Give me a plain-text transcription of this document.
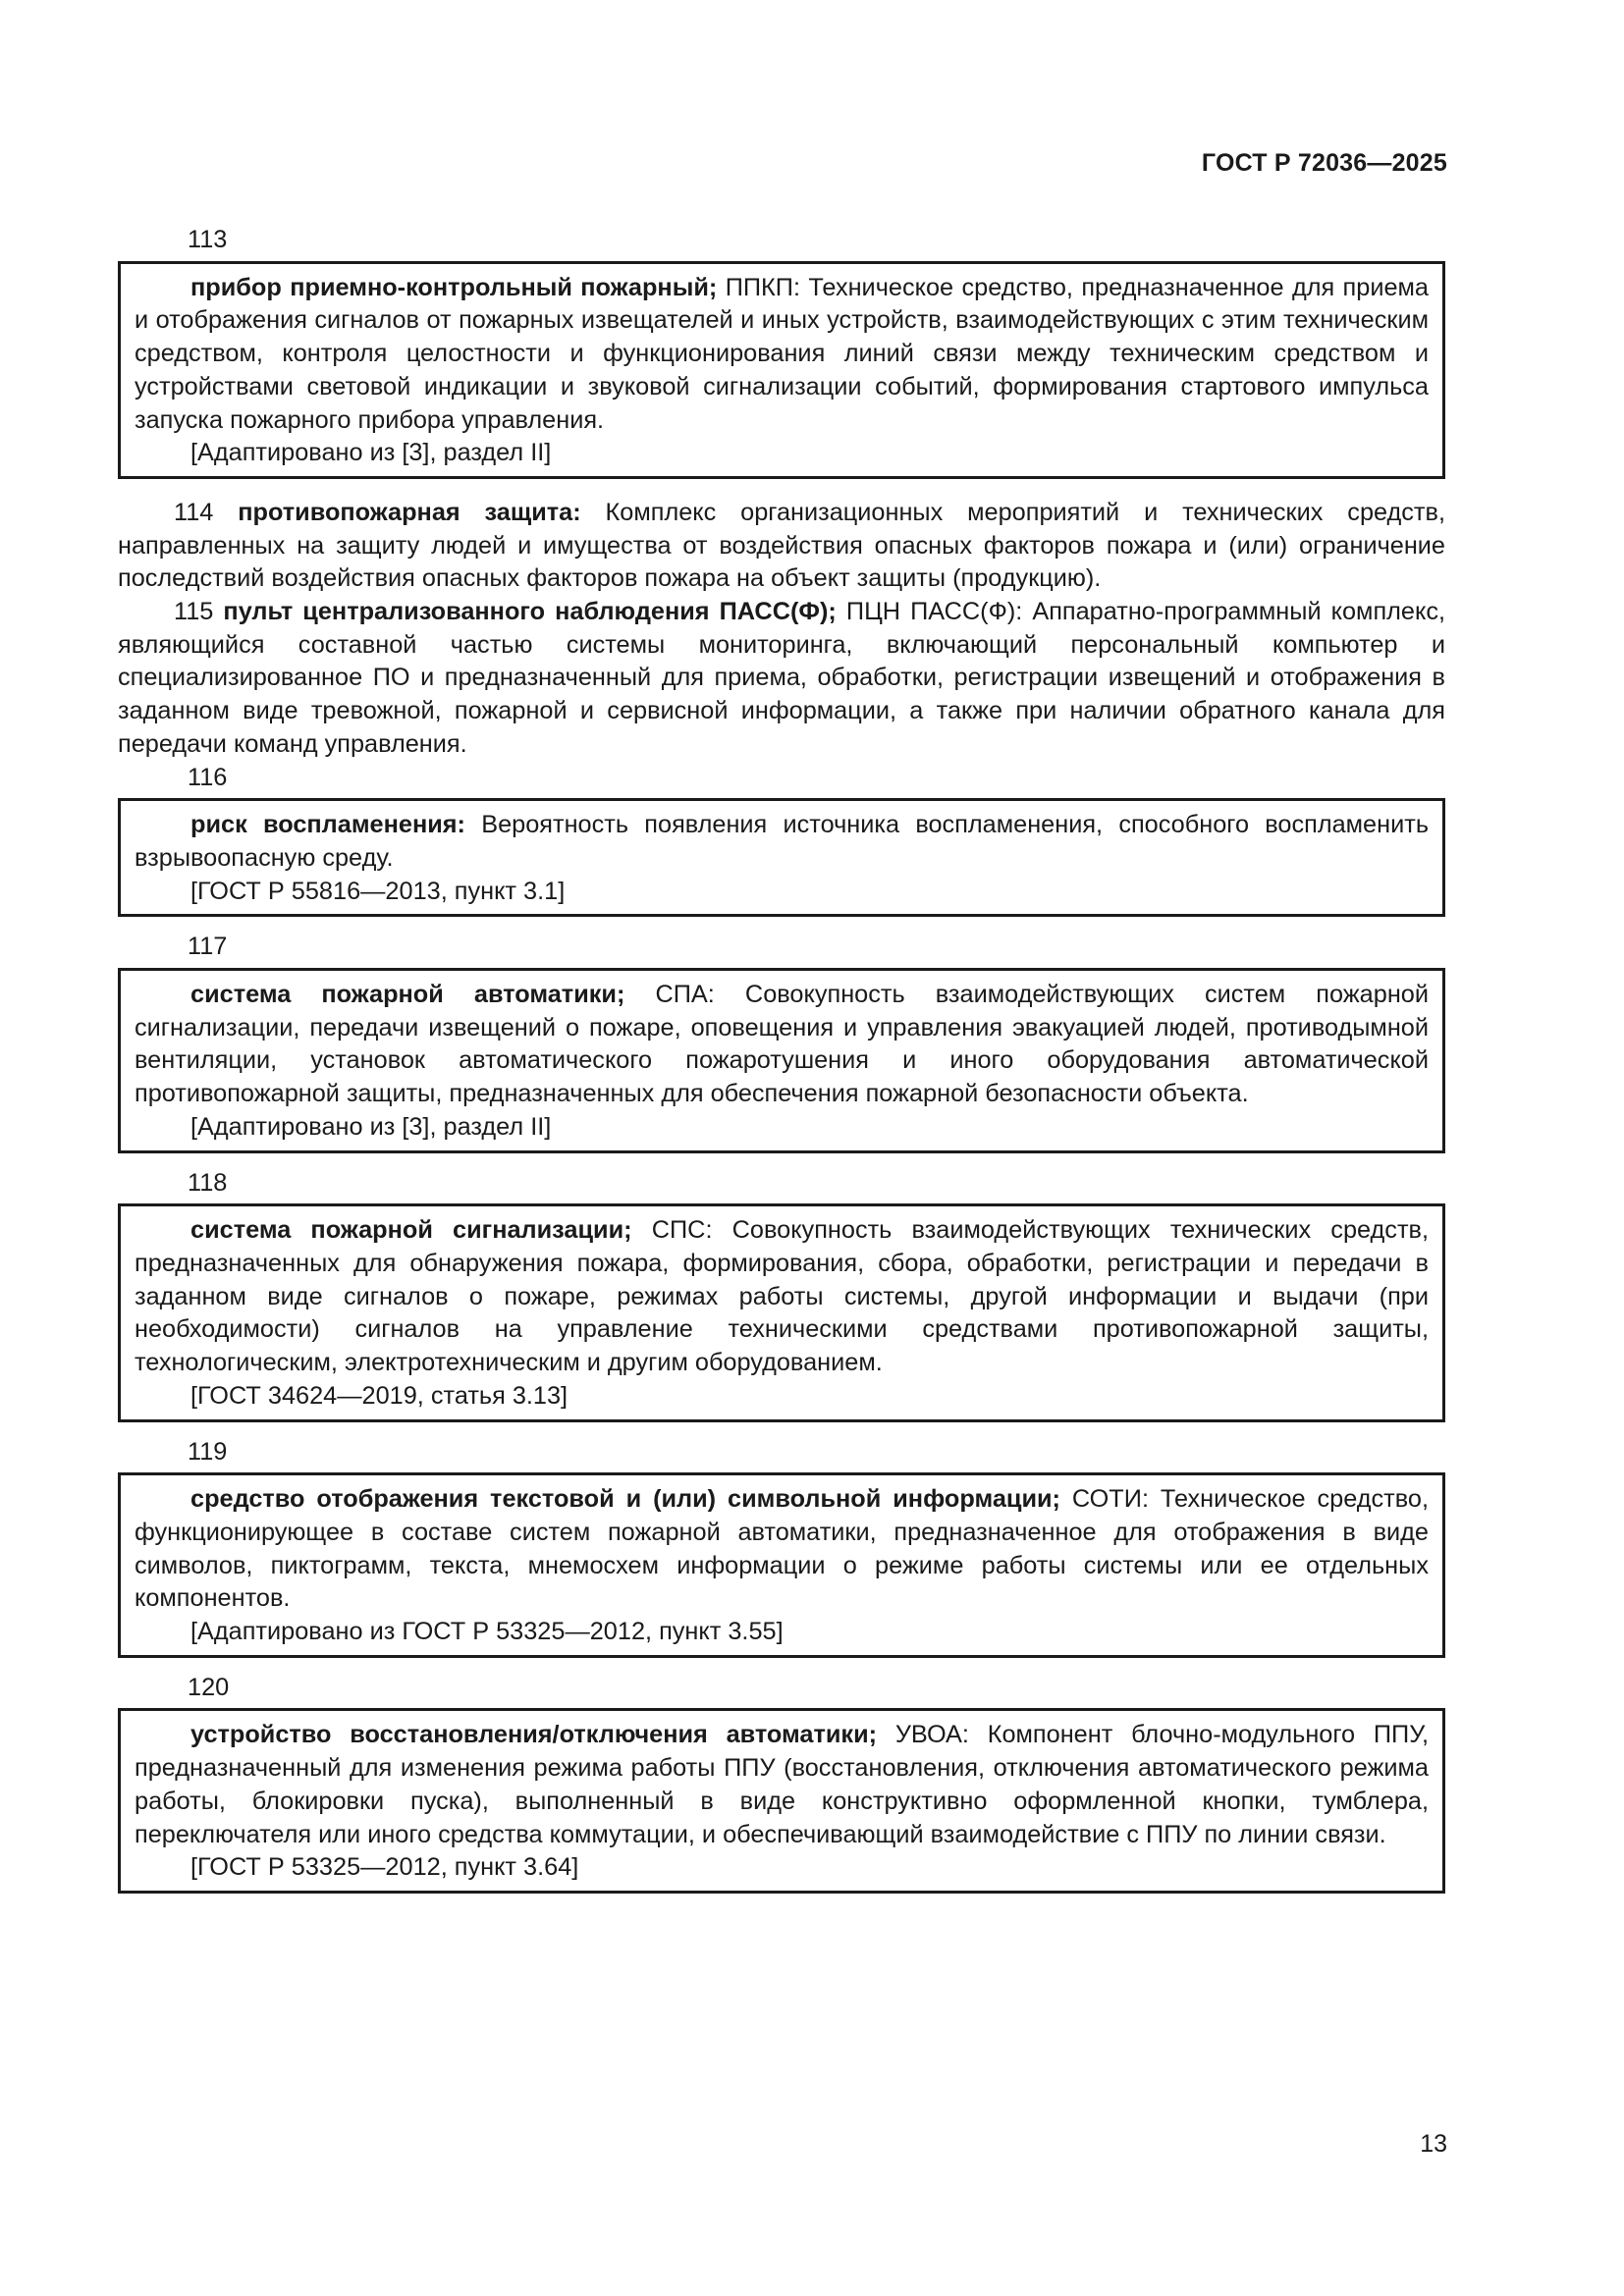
ГОСТ Р 72036—2025

113

прибор приемно-контрольный пожарный; ППКП: Техническое средство, предназначенное для приема и отображения сигналов от пожарных извещателей и иных устройств, взаимодействующих с этим техническим средством, контроля целостности и функционирования линий связи между техническим средством и устройствами световой индикации и звуковой сигнализации событий, формирования стартового импульса запуска пожарного прибора управления.

[Адаптировано из [3], раздел II]

114 противопожарная защита: Комплекс организационных мероприятий и технических средств, направленных на защиту людей и имущества от воздействия опасных факторов пожара и (или) ограничение последствий воздействия опасных факторов пожара на объект защиты (продукцию).

115 пульт централизованного наблюдения ПАСС(Ф); ПЦН ПАСС(Ф): Аппаратно-программный комплекс, являющийся составной частью системы мониторинга, включающий персональный компьютер и специализированное ПО и предназначенный для приема, обработки, регистрации извещений и отображения в заданном виде тревожной, пожарной и сервисной информации, а также при наличии обратного канала для передачи команд управления.

116

риск воспламенения: Вероятность появления источника воспламенения, способного воспламенить взрывоопасную среду.

[ГОСТ Р 55816—2013, пункт 3.1]

117

система пожарной автоматики; СПА: Совокупность взаимодействующих систем пожарной сигнализации, передачи извещений о пожаре, оповещения и управления эвакуацией людей, противодымной вентиляции, установок автоматического пожаротушения и иного оборудования автоматической противопожарной защиты, предназначенных для обеспечения пожарной безопасности объекта.

[Адаптировано из [3], раздел II]

118

система пожарной сигнализации; СПС: Совокупность взаимодействующих технических средств, предназначенных для обнаружения пожара, формирования, сбора, обработки, регистрации и передачи в заданном виде сигналов о пожаре, режимах работы системы, другой информации и выдачи (при необходимости) сигналов на управление техническими средствами противопожарной защиты, технологическим, электротехническим и другим оборудованием.

[ГОСТ 34624—2019, статья 3.13]

119

средство отображения текстовой и (или) символьной информации; СОТИ: Техническое средство, функционирующее в составе систем пожарной автоматики, предназначенное для отображения в виде символов, пиктограмм, текста, мнемосхем информации о режиме работы системы или ее отдельных компонентов.

[Адаптировано из ГОСТ Р 53325—2012, пункт 3.55]

120

устройство восстановления/отключения автоматики; УВОА: Компонент блочно-модульного ППУ, предназначенный для изменения режима работы ППУ (восстановления, отключения автоматического режима работы, блокировки пуска), выполненный в виде конструктивно оформленной кнопки, тумблера, переключателя или иного средства коммутации, и обеспечивающий взаимодействие с ППУ по линии связи.

[ГОСТ Р 53325—2012, пункт 3.64]

13
